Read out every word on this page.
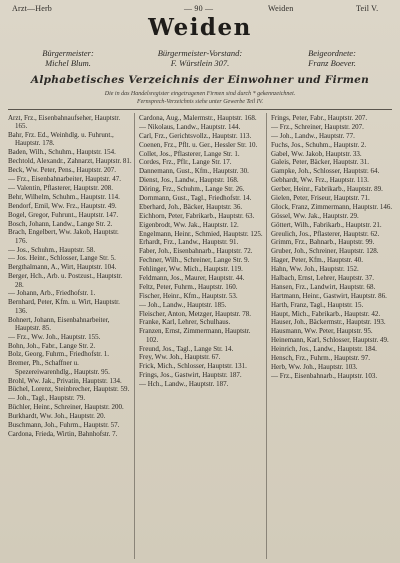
Arzt—Herb	— 90 —	Weiden	Teil V.
Weiden
Bürgermeister:
Michel Blum.
Bürgermeister-Vorstand:
F. Würstlein 307.
Beigeordnete:
Franz Boever.
Alphabetisches Verzeichnis der Einwohner und Firmen
Die in das Handelsregister eingetragenen Firmen sind durch * gekennzeichnet.
Fernsprech-Verzeichnis siehe unter Gewerbe Teil IV.
Arzt, Frz., Eisenbahnaufseher, Hauptstr. 165.
Bahr, Frz. Ed., Weinhdlg. u. Fuhrunt., Hauptstr. 178.
Baden, Wilh., Schuhm., Hauptstr. 154.
Bechtold, Alexandr., Zahnarzt, Hauptstr. 81.
Beck, Ww. Peter, Pens., Hauptstr. 207.
— Frz., Eisenbahnarbeiter, Hauptstr. 47.
— Valentin, Pflasterer, Hauptstr. 208.
Behr, Wilhelm, Schuhm., Hauptstr. 114.
Bendorf, Emil, Ww. Frz., Hauptstr. 49.
Bogel, Gregor, Fuhrunt., Hauptstr. 147.
Bosch, Johann, Landw., Lange Str. 2.
Brach, Engelbert, Ww. Jakob, Hauptstr. 176.
— Jos., Schuhm., Hauptstr. 58.
— Jos. Heinr., Schlosser, Lange Str. 5.
Bergthalmann, A., Wirt, Hauptstr. 104.
Berger, Hch., Arb. u. Postzust., Hauptstr. 28.
— Johann, Arb., Friedhofstr. 1.
Bernhard, Peter, Kfm. u. Wirt, Hauptstr. 136.
Bohnert, Johann, Eisenbahnarbeiter, Hauptstr. 85.
— Frz., Ww. Joh., Hauptstr. 155.
Bohn, Joh., Fabr., Lange Str. 2.
Bolz, Georg, Fuhrm., Friedhofstr. 1.
Bremer, Ph., Schaffner u. Spezereiwarenhdlg., Hauptstr. 95.
Brohl, Ww. Jak., Privatin, Hauptstr. 134.
Büchel, Lorenz, Steinbrecher, Hauptstr. 59.
— Joh., Tagl., Hauptstr. 79.
Büchler, Heinr., Schreiner, Hauptstr. 200.
Burkhardt, Ww. Joh., Hauptstr. 20.
Buschmann, Joh., Fuhrm., Hauptstr. 57.
Cardona, Frieda, Wirtin, Bahnhofstr. 7.
Cardona, Aug., Malermstr., Hauptstr. 168.
— Nikolaus, Landw., Hauptstr. 144.
Carl, Frz., Gerichtsvollz., Hauptstr. 113.
Coenen, Frz., Pflt. u. Ger., Hessler Str. 10.
Collet, Jos., Pflasterer, Lange Str. 1.
Cordes, Frz., Pflr., Lange Str. 17.
Dannemann, Gust., Kfm., Hauptstr. 30.
Dienst, Jos., Landw., Hauptstr. 168.
Döring, Frz., Schuhm., Lange Str. 26.
Dornmann, Gust., Tagl., Friedhofstr. 14.
Eberhard, Joh., Bäcker, Hauptstr. 36.
Eichhorn, Peter, Fabrikarb., Hauptstr. 63.
Eigenbrodt, Ww. Jak., Hauptstr. 12.
Engelmann, Heinr., Schmied, Hauptstr. 125.
Erhardt, Frz., Landw., Hauptstr. 91.
Faber, Joh., Eisenbahnarb., Hauptstr. 72.
Fechner, Wilh., Schreiner, Lange Str. 9.
Fehlinger, Ww. Mich., Hauptstr. 119.
Feldmann, Jos., Maurer, Hauptstr. 44.
Feltz, Peter, Fuhrm., Hauptstr. 160.
Fischer, Heinr., Kfm., Hauptstr. 53.
— Joh., Landw., Hauptstr. 185.
Fleischer, Anton, Metzger, Hauptstr. 78.
Franke, Karl, Lehrer, Schulhaus.
Franzen, Ernst, Zimmermann, Hauptstr. 102.
Freund, Jos., Tagl., Lange Str. 14.
Frey, Ww. Joh., Hauptstr. 67.
Frick, Mich., Schlosser, Hauptstr. 131.
Frings, Jos., Gastwirt, Hauptstr. 187.
— Hch., Landw., Hauptstr. 187.
Frings, Peter, Fabr., Hauptstr. 207.
— Frz., Schreiner, Hauptstr. 207.
— Joh., Landw., Hauptstr. 77.
Fuchs, Jos., Schuhm., Hauptstr. 2.
Gabel, Ww. Jakob, Hauptstr. 33.
Galeis, Peter, Bäcker, Hauptstr. 31.
Gampke, Joh., Schlosser, Hauptstr. 64.
Gebhardt, Ww. Frz., Hauptstr. 113.
Gerber, Heinr., Fabrikarb., Hauptstr. 89.
Gielen, Peter, Friseur, Hauptstr. 71.
Glock, Franz, Zimmermann, Hauptstr. 146.
Gössel, Ww. Jak., Hauptstr. 29.
Göttert, Wilh., Fabrikarb., Hauptstr. 21.
Greulich, Jos., Pflasterer, Hauptstr. 62.
Grimm, Frz., Bahnarb., Hauptstr. 99.
Gruber, Joh., Schreiner, Hauptstr. 128.
Hager, Peter, Kfm., Hauptstr. 40.
Hahn, Ww. Joh., Hauptstr. 152.
Halbach, Ernst, Lehrer, Hauptstr. 37.
Hansen, Frz., Landwirt, Hauptstr. 68.
Hartmann, Heinr., Gastwirt, Hauptstr. 86.
Harth, Franz, Tagl., Hauptstr. 15.
Haupt, Mich., Fabrikarb., Hauptstr. 42.
Hauser, Joh., Bäckermstr., Hauptstr. 193.
Hausmann, Ww. Peter, Hauptstr. 95.
Heinemann, Karl, Schlosser, Hauptstr. 49.
Heinrich, Jos., Landw., Hauptstr. 184.
Hensch, Frz., Fuhrm., Hauptstr. 97.
Herb, Ww. Joh., Hauptstr. 103.
— Frz., Eisenbahnarb., Hauptstr. 103.
